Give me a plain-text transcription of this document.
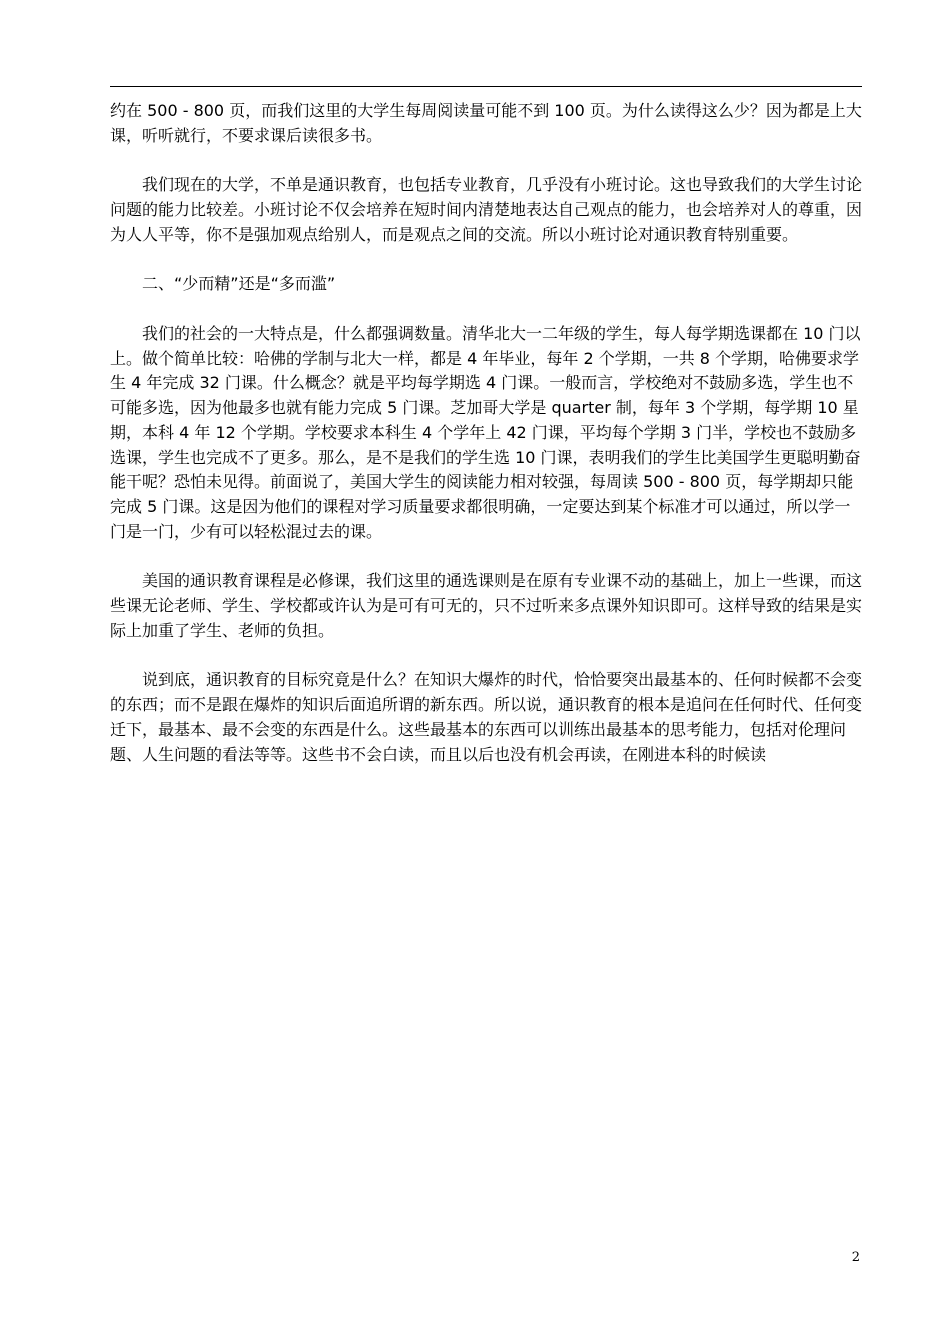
约在 500 - 800 页，而我们这里的大学生每周阅读量可能不到 100 页。为什么读得这么少？因为都是上大课，听听就行，不要求课后读很多书。

我们现在的大学，不单是通识教育，也包括专业教育，几乎没有小班讨论。这也导致我们的大学生讨论问题的能力比较差。小班讨论不仅会培养在短时间内清楚地表达自己观点的能力，也会培养对人的尊重，因为人人平等，你不是强加观点给别人，而是观点之间的交流。所以小班讨论对通识教育特别重要。

二、“少而精”还是“多而滥”

我们的社会的一大特点是，什么都强调数量。清华北大一二年级的学生，每人每学期选课都在 10 门以上。做个简单比较：哈佛的学制与北大一样，都是 4 年毕业，每年 2 个学期，一共 8 个学期，哈佛要求学生 4 年完成 32 门课。什么概念？就是平均每学期选 4 门课。一般而言，学校绝对不鼓励多选，学生也不可能多选，因为他最多也就有能力完成 5 门课。芝加哥大学是 quarter 制，每年 3 个学期，每学期 10 星期，本科 4 年 12 个学期。学校要求本科生 4 个学年上 42 门课，平均每个学期 3 门半，学校也不鼓励多选课，学生也完成不了更多。那么，是不是我们的学生选 10 门课，表明我们的学生比美国学生更聪明勤奋能干呢？恐怕未见得。前面说了，美国大学生的阅读能力相对较强，每周读 500 - 800 页，每学期却只能完成 5 门课。这是因为他们的课程对学习质量要求都很明确，一定要达到某个标准才可以通过，所以学一门是一门，少有可以轻松混过去的课。

美国的通识教育课程是必修课，我们这里的通选课则是在原有专业课不动的基础上，加上一些课，而这些课无论老师、学生、学校都或许认为是可有可无的，只不过听来多点课外知识即可。这样导致的结果是实际上加重了学生、老师的负担。

说到底，通识教育的目标究竟是什么？在知识大爆炸的时代，恰恰要突出最基本的、任何时候都不会变的东西；而不是跟在爆炸的知识后面追所谓的新东西。所以说，通识教育的根本是追问在任何时代、任何变迁下，最基本、最不会变的东西是什么。这些最基本的东西可以训练出最基本的思考能力，包括对伦理问题、人生问题的看法等等。这些书不会白读，而且以后也没有机会再读，在刚进本科的时候读

2
